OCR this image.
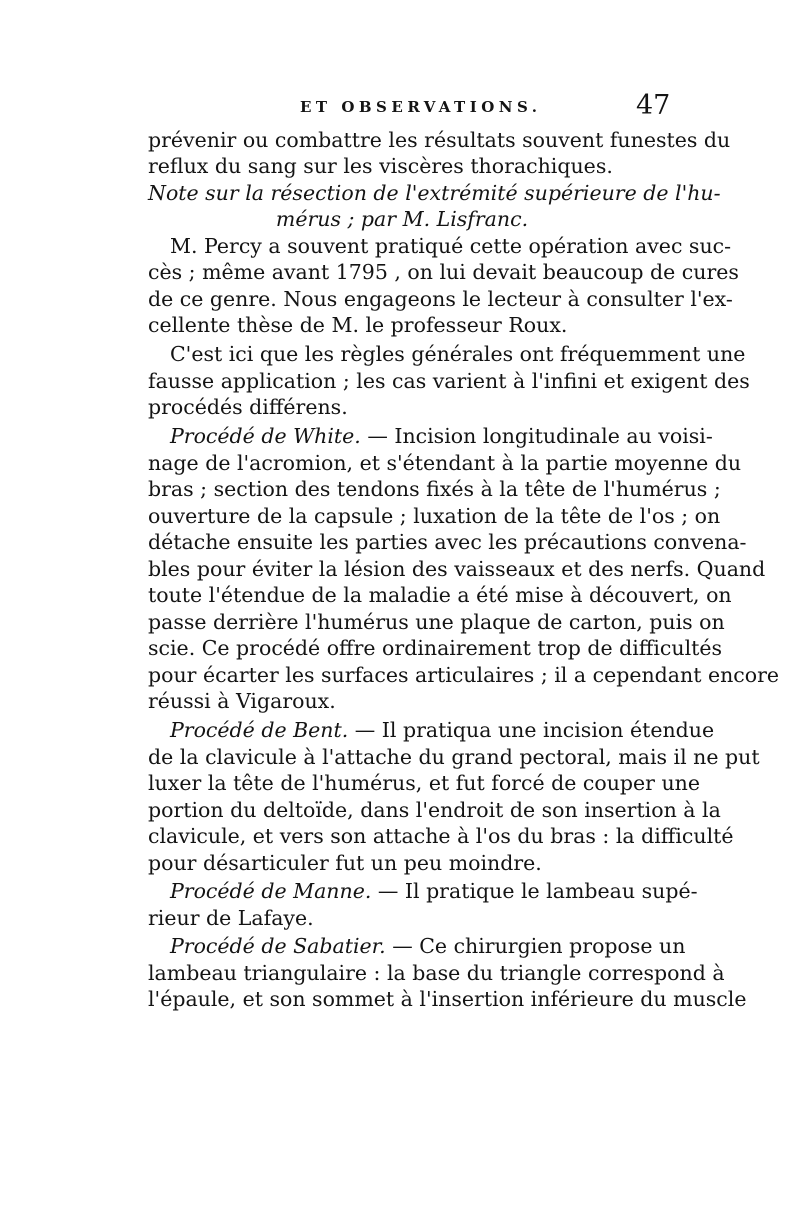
ET OBSERVATIONS.	47
prévenir ou combattre les résultats souvent funestes du
reflux du sang sur les viscères thorachiques.
Note sur la résection de l'extrémité supérieure de l'hu-
mérus ; par M. Lisfranc.
M. Percy a souvent pratiqué cette opération avec suc-
cès ; même avant 1795 , on lui devait beaucoup de cures
de ce genre. Nous engageons le lecteur à consulter l'ex-
cellente thèse de M. le professeur Roux.
C'est ici que les règles générales ont fréquemment une
fausse application ; les cas varient à l'infini et exigent des
procédés différens.
Procédé de White. — Incision longitudinale au voisi-
nage de l'acromion, et s'étendant à la partie moyenne du
bras ; section des tendons fixés à la tête de l'humérus ;
ouverture de la capsule ; luxation de la tête de l'os ; on
détache ensuite les parties avec les précautions convena-
bles pour éviter la lésion des vaisseaux et des nerfs. Quand
toute l'étendue de la maladie a été mise à découvert, on
passe derrière l'humérus une plaque de carton, puis on
scie. Ce procédé offre ordinairement trop de difficultés
pour écarter les surfaces articulaires ; il a cependant encore
réussi à Vigaroux.
Procédé de Bent. — Il pratiqua une incision étendue
de la clavicule à l'attache du grand pectoral, mais il ne put
luxer la tête de l'humérus, et fut forcé de couper une
portion du deltoïde, dans l'endroit de son insertion à la
clavicule, et vers son attache à l'os du bras : la difficulté
pour désarticuler fut un peu moindre.
Procédé de Manne. — Il pratique le lambeau supé-
rieur de Lafaye.
Procédé de Sabatier. — Ce chirurgien propose un
lambeau triangulaire : la base du triangle correspond à
l'épaule, et son sommet à l'insertion inférieure du muscle
